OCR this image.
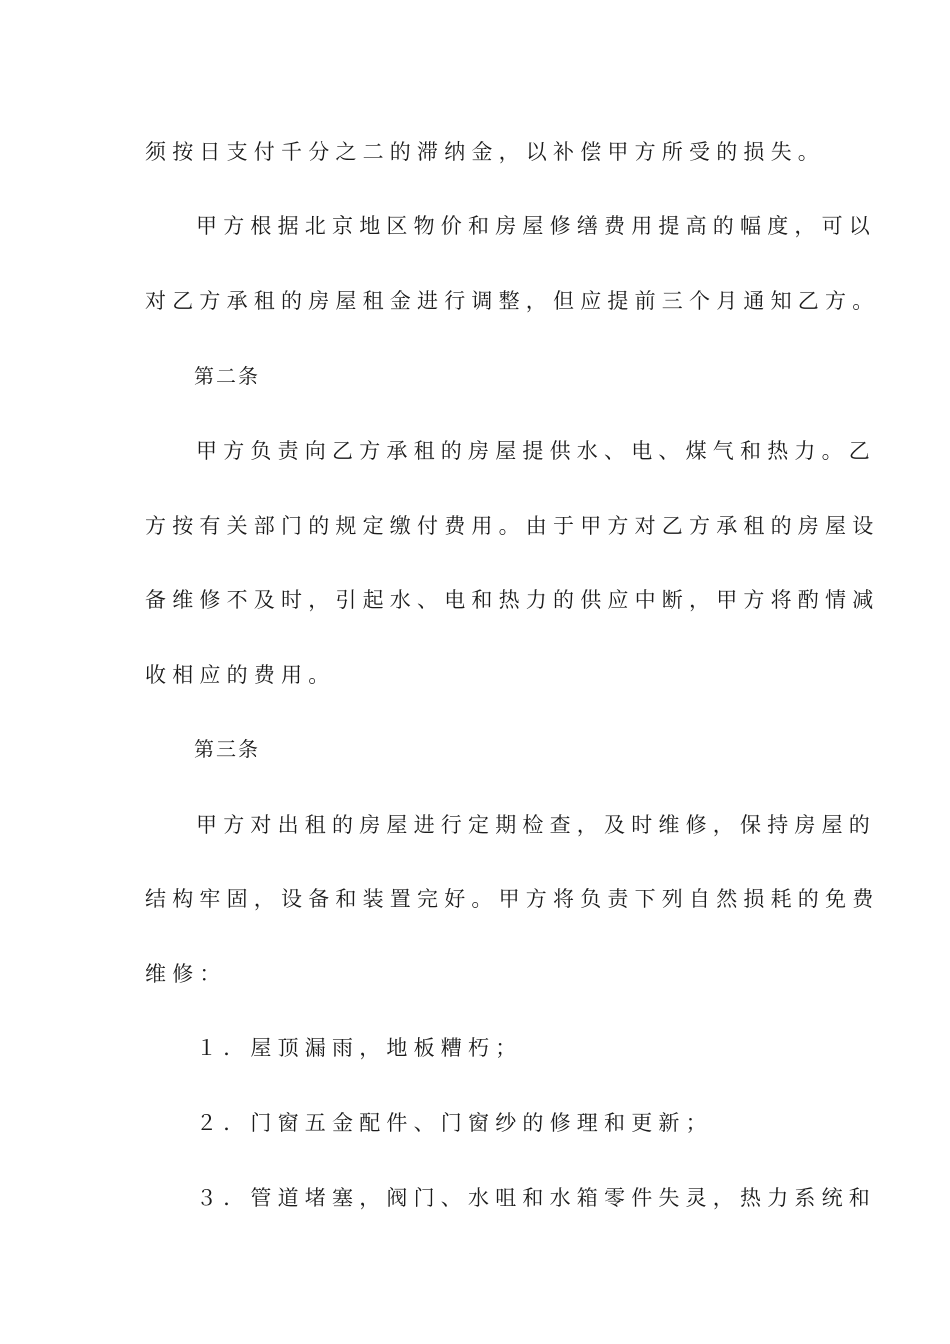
须按日支付千分之二的滞纳金，以补偿甲方所受的损失。
甲方根据北京地区物价和房屋修缮费用提高的幅度，可以
对乙方承租的房屋租金进行调整，但应提前三个月通知乙方。
第二条
甲方负责向乙方承租的房屋提供水、电、煤气和热力。乙
方按有关部门的规定缴付费用。由于甲方对乙方承租的房屋设
备维修不及时，引起水、电和热力的供应中断，甲方将酌情减
收相应的费用。
第三条
甲方对出租的房屋进行定期检查，及时维修，保持房屋的
结构牢固，设备和装置完好。甲方将负责下列自然损耗的免费
维修：
１．屋顶漏雨，地板糟朽；
２．门窗五金配件、门窗纱的修理和更新；
３．管道堵塞，阀门、水咀和水箱零件失灵，热力系统和
